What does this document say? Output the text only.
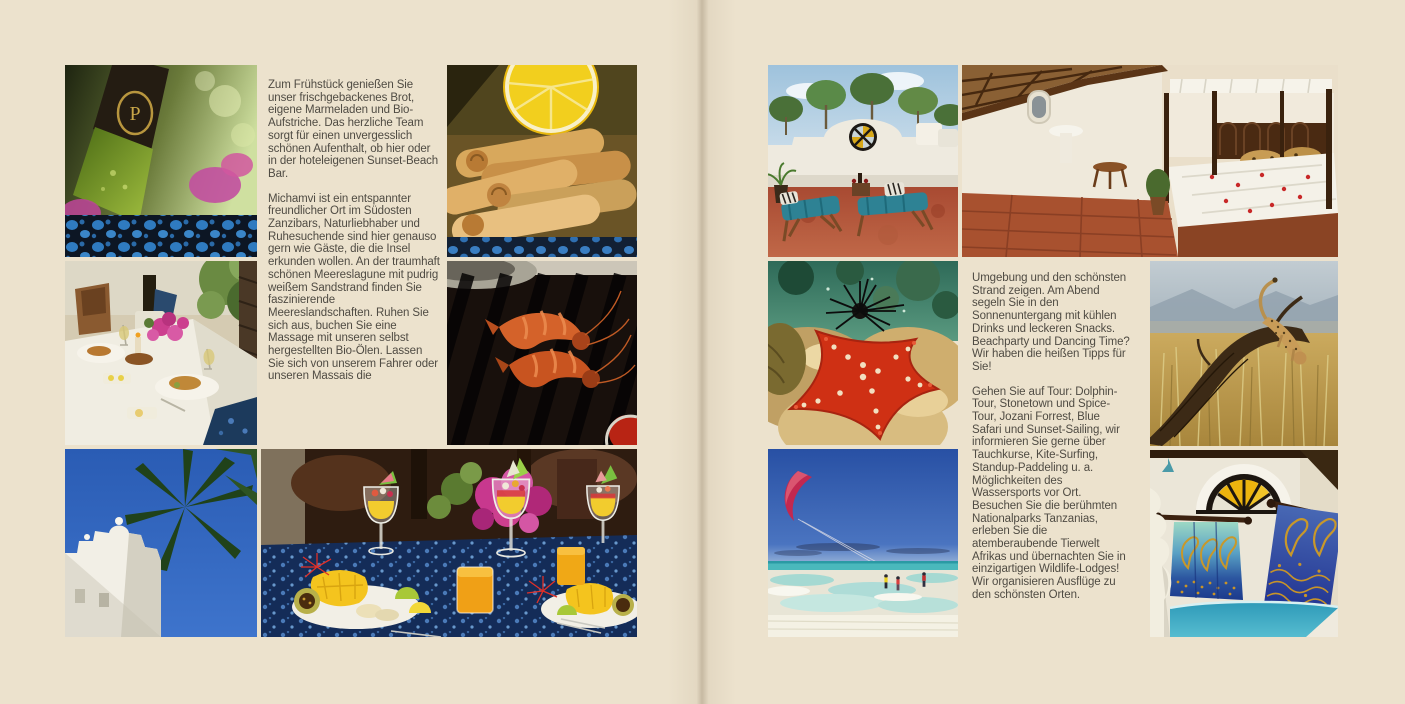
P

Zum Frühstück genießen Sie unser frischgebackenes Brot, eigene Marmeladen und Bio-Aufstriche. Das herzliche Team sorgt für einen unvergesslich schönen Aufenthalt, ob hier oder in der hoteleigenen Sunset-Beach Bar.

Michamvi ist ein entspannter freundlicher Ort im Südosten Zanzibars, Naturliebhaber und Ruhesuchende sind hier genauso gern wie Gäste, die die Insel erkunden wollen. An der traumhaft schönen Meereslagune mit pudrig weißem Sandstrand finden Sie faszinierende Meereslandschaften. Ruhen Sie sich aus, buchen Sie eine Massage mit unseren selbst hergestellten Bio-Ölen. Lassen Sie sich von unserem Fahrer oder unseren Massais die

Umgebung und den schönsten Strand zeigen. Am Abend segeln Sie in den Sonnenuntergang mit kühlen Drinks und leckeren Snacks. Beachparty und Dancing Time? Wir haben die heißen Tipps für Sie!

Gehen Sie auf Tour: Dolphin-Tour, Stonetown und Spice-Tour, Jozani Forrest, Blue Safari und Sunset-Sailing, wir informieren Sie gerne über Tauchkurse, Kite-Surfing, Standup-Paddeling u. a. Möglichkeiten des Wassersports vor Ort. Besuchen Sie die berühmten Nationalparks Tanzanias, erleben Sie die atemberaubende Tierwelt Afrikas und übernachten Sie in einzigartigen Wildlife-Lodges! Wir organisieren Ausflüge zu den schönsten Orten.
